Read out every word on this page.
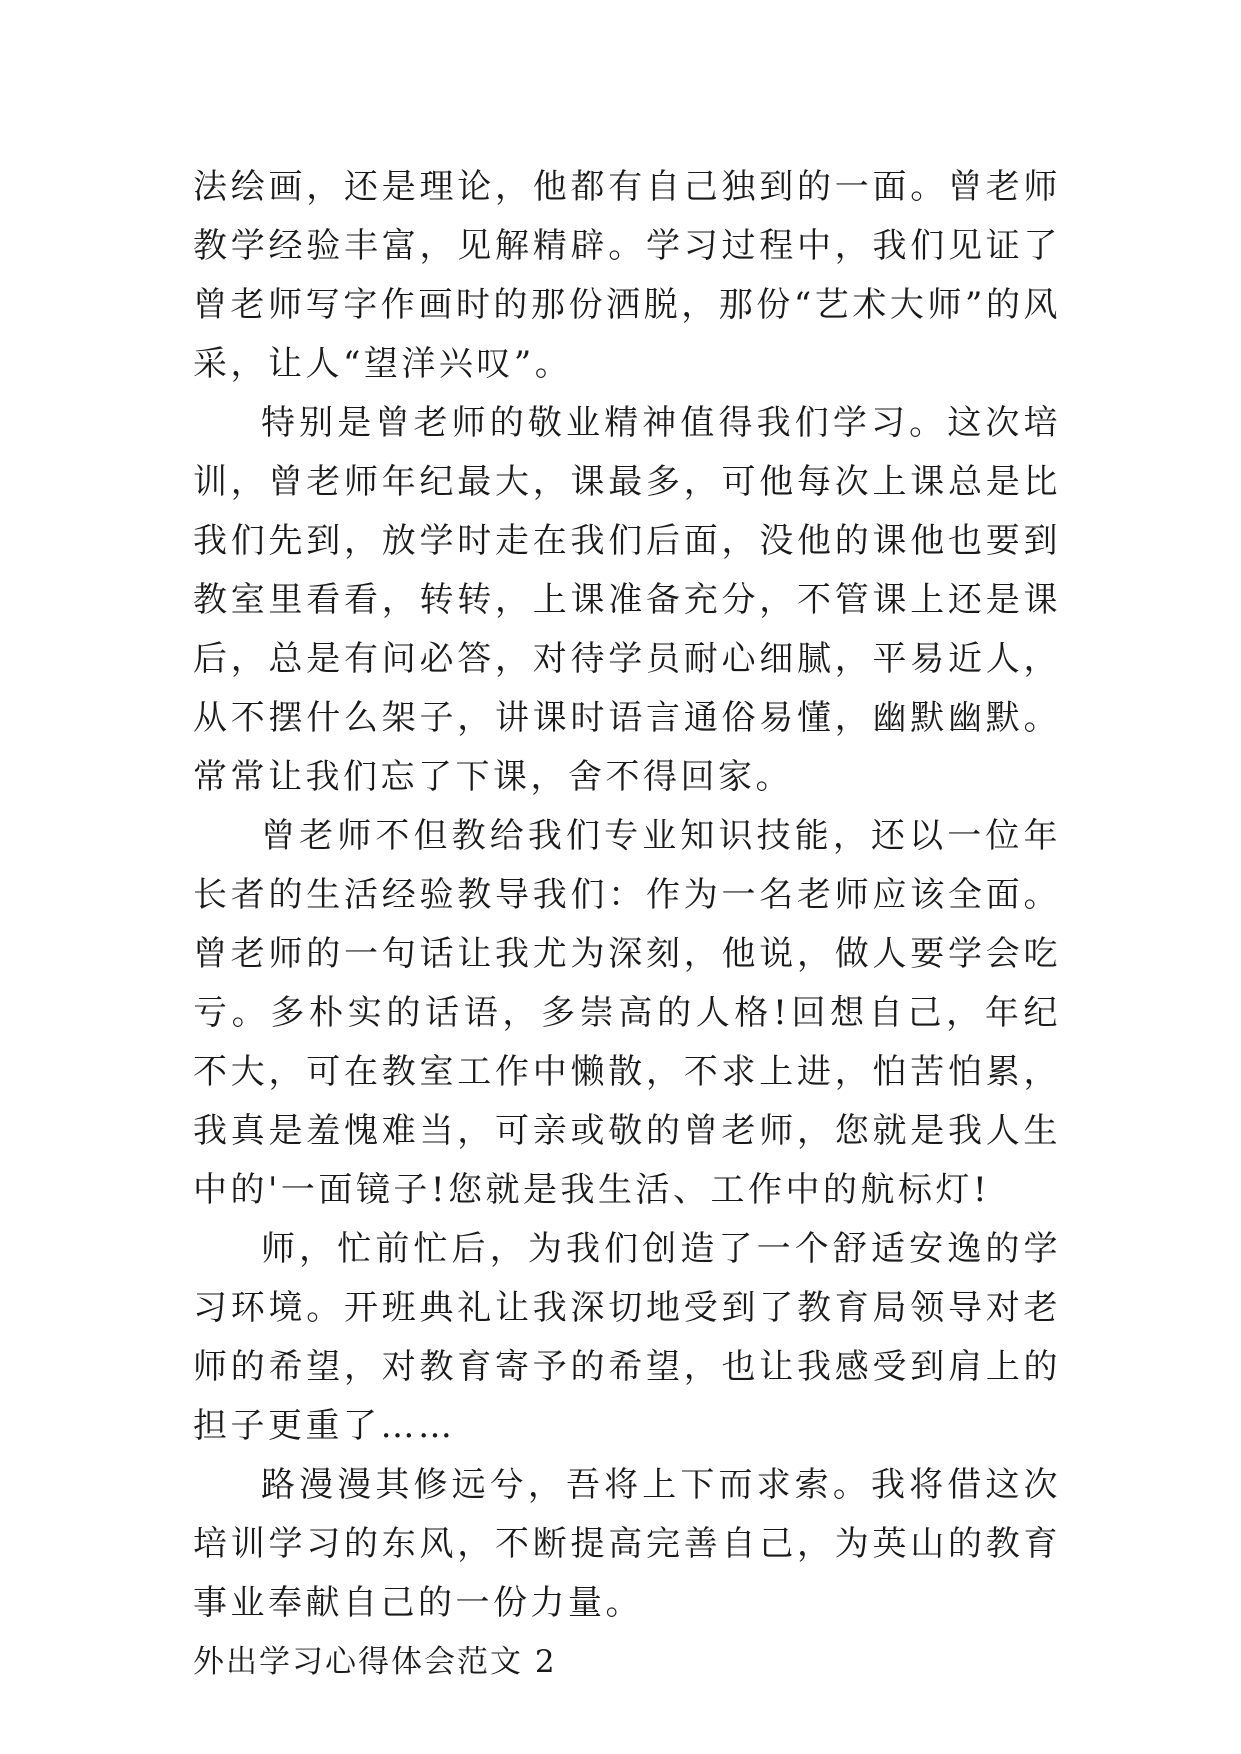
法绘画，还是理论，他都有自己独到的一面。曾老师教学经验丰富，见解精辟。学习过程中，我们见证了曾老师写字作画时的那份洒脱，那份“艺术大师”的风采，让人“望洋兴叹”。

特别是曾老师的敬业精神值得我们学习。这次培训，曾老师年纪最大，课最多，可他每次上课总是比我们先到，放学时走在我们后面，没他的课他也要到教室里看看，转转，上课准备充分，不管课上还是课后，总是有问必答，对待学员耐心细腻，平易近人，从不摆什么架子，讲课时语言通俗易懂，幽默幽默。常常让我们忘了下课，舍不得回家。

曾老师不但教给我们专业知识技能，还以一位年长者的生活经验教导我们：作为一名老师应该全面。曾老师的一句话让我尤为深刻，他说，做人要学会吃亏。多朴实的话语，多崇高的人格!回想自己，年纪不大，可在教室工作中懒散，不求上进，怕苦怕累，我真是羞愧难当，可亲或敬的曾老师，您就是我人生中的'一面镜子!您就是我生活、工作中的航标灯!

师，忙前忙后，为我们创造了一个舒适安逸的学习环境。开班典礼让我深切地受到了教育局领导对老师的希望，对教育寄予的希望，也让我感受到肩上的担子更重了……

路漫漫其修远兮，吾将上下而求索。我将借这次培训学习的东风，不断提高完善自己，为英山的教育事业奉献自己的一份力量。

外出学习心得体会范文 2
